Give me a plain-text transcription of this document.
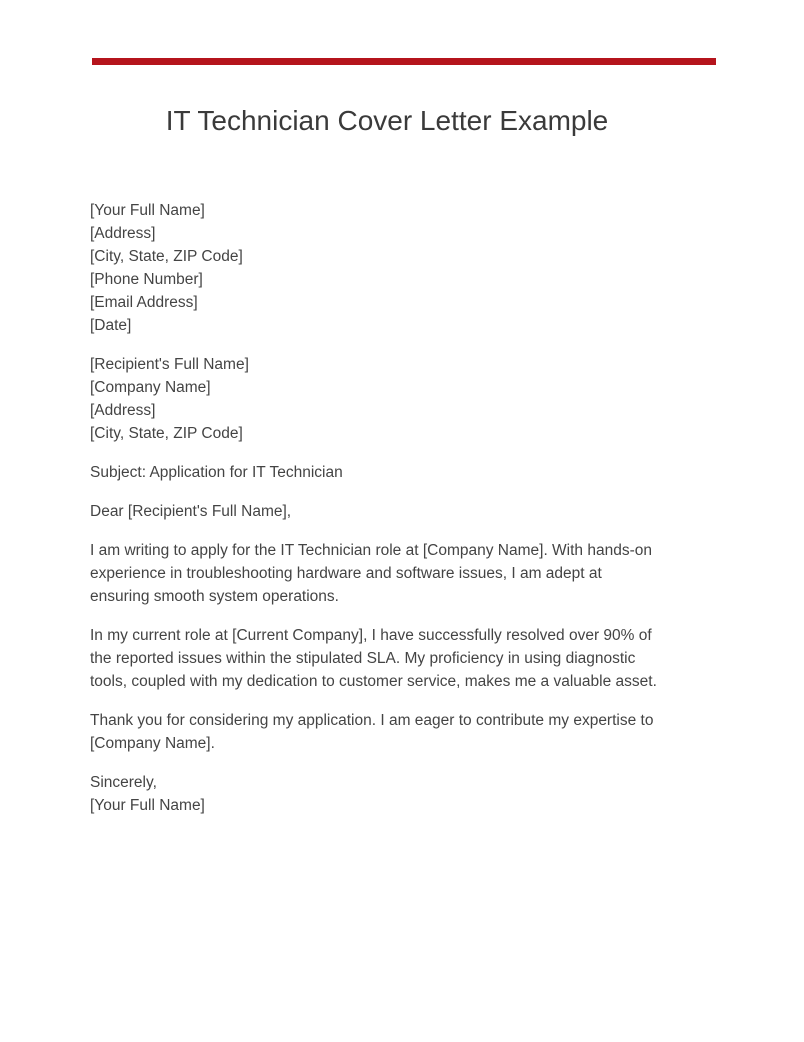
IT Technician Cover Letter Example
[Your Full Name]
[Address]
[City, State, ZIP Code]
[Phone Number]
[Email Address]
[Date]
[Recipient's Full Name]
[Company Name]
[Address]
[City, State, ZIP Code]
Subject: Application for IT Technician
Dear [Recipient's Full Name],
I am writing to apply for the IT Technician role at [Company Name]. With hands-on
experience in troubleshooting hardware and software issues, I am adept at
ensuring smooth system operations.
In my current role at [Current Company], I have successfully resolved over 90% of
the reported issues within the stipulated SLA. My proficiency in using diagnostic
tools, coupled with my dedication to customer service, makes me a valuable asset.
Thank you for considering my application. I am eager to contribute my expertise to
[Company Name].
Sincerely,
[Your Full Name]
